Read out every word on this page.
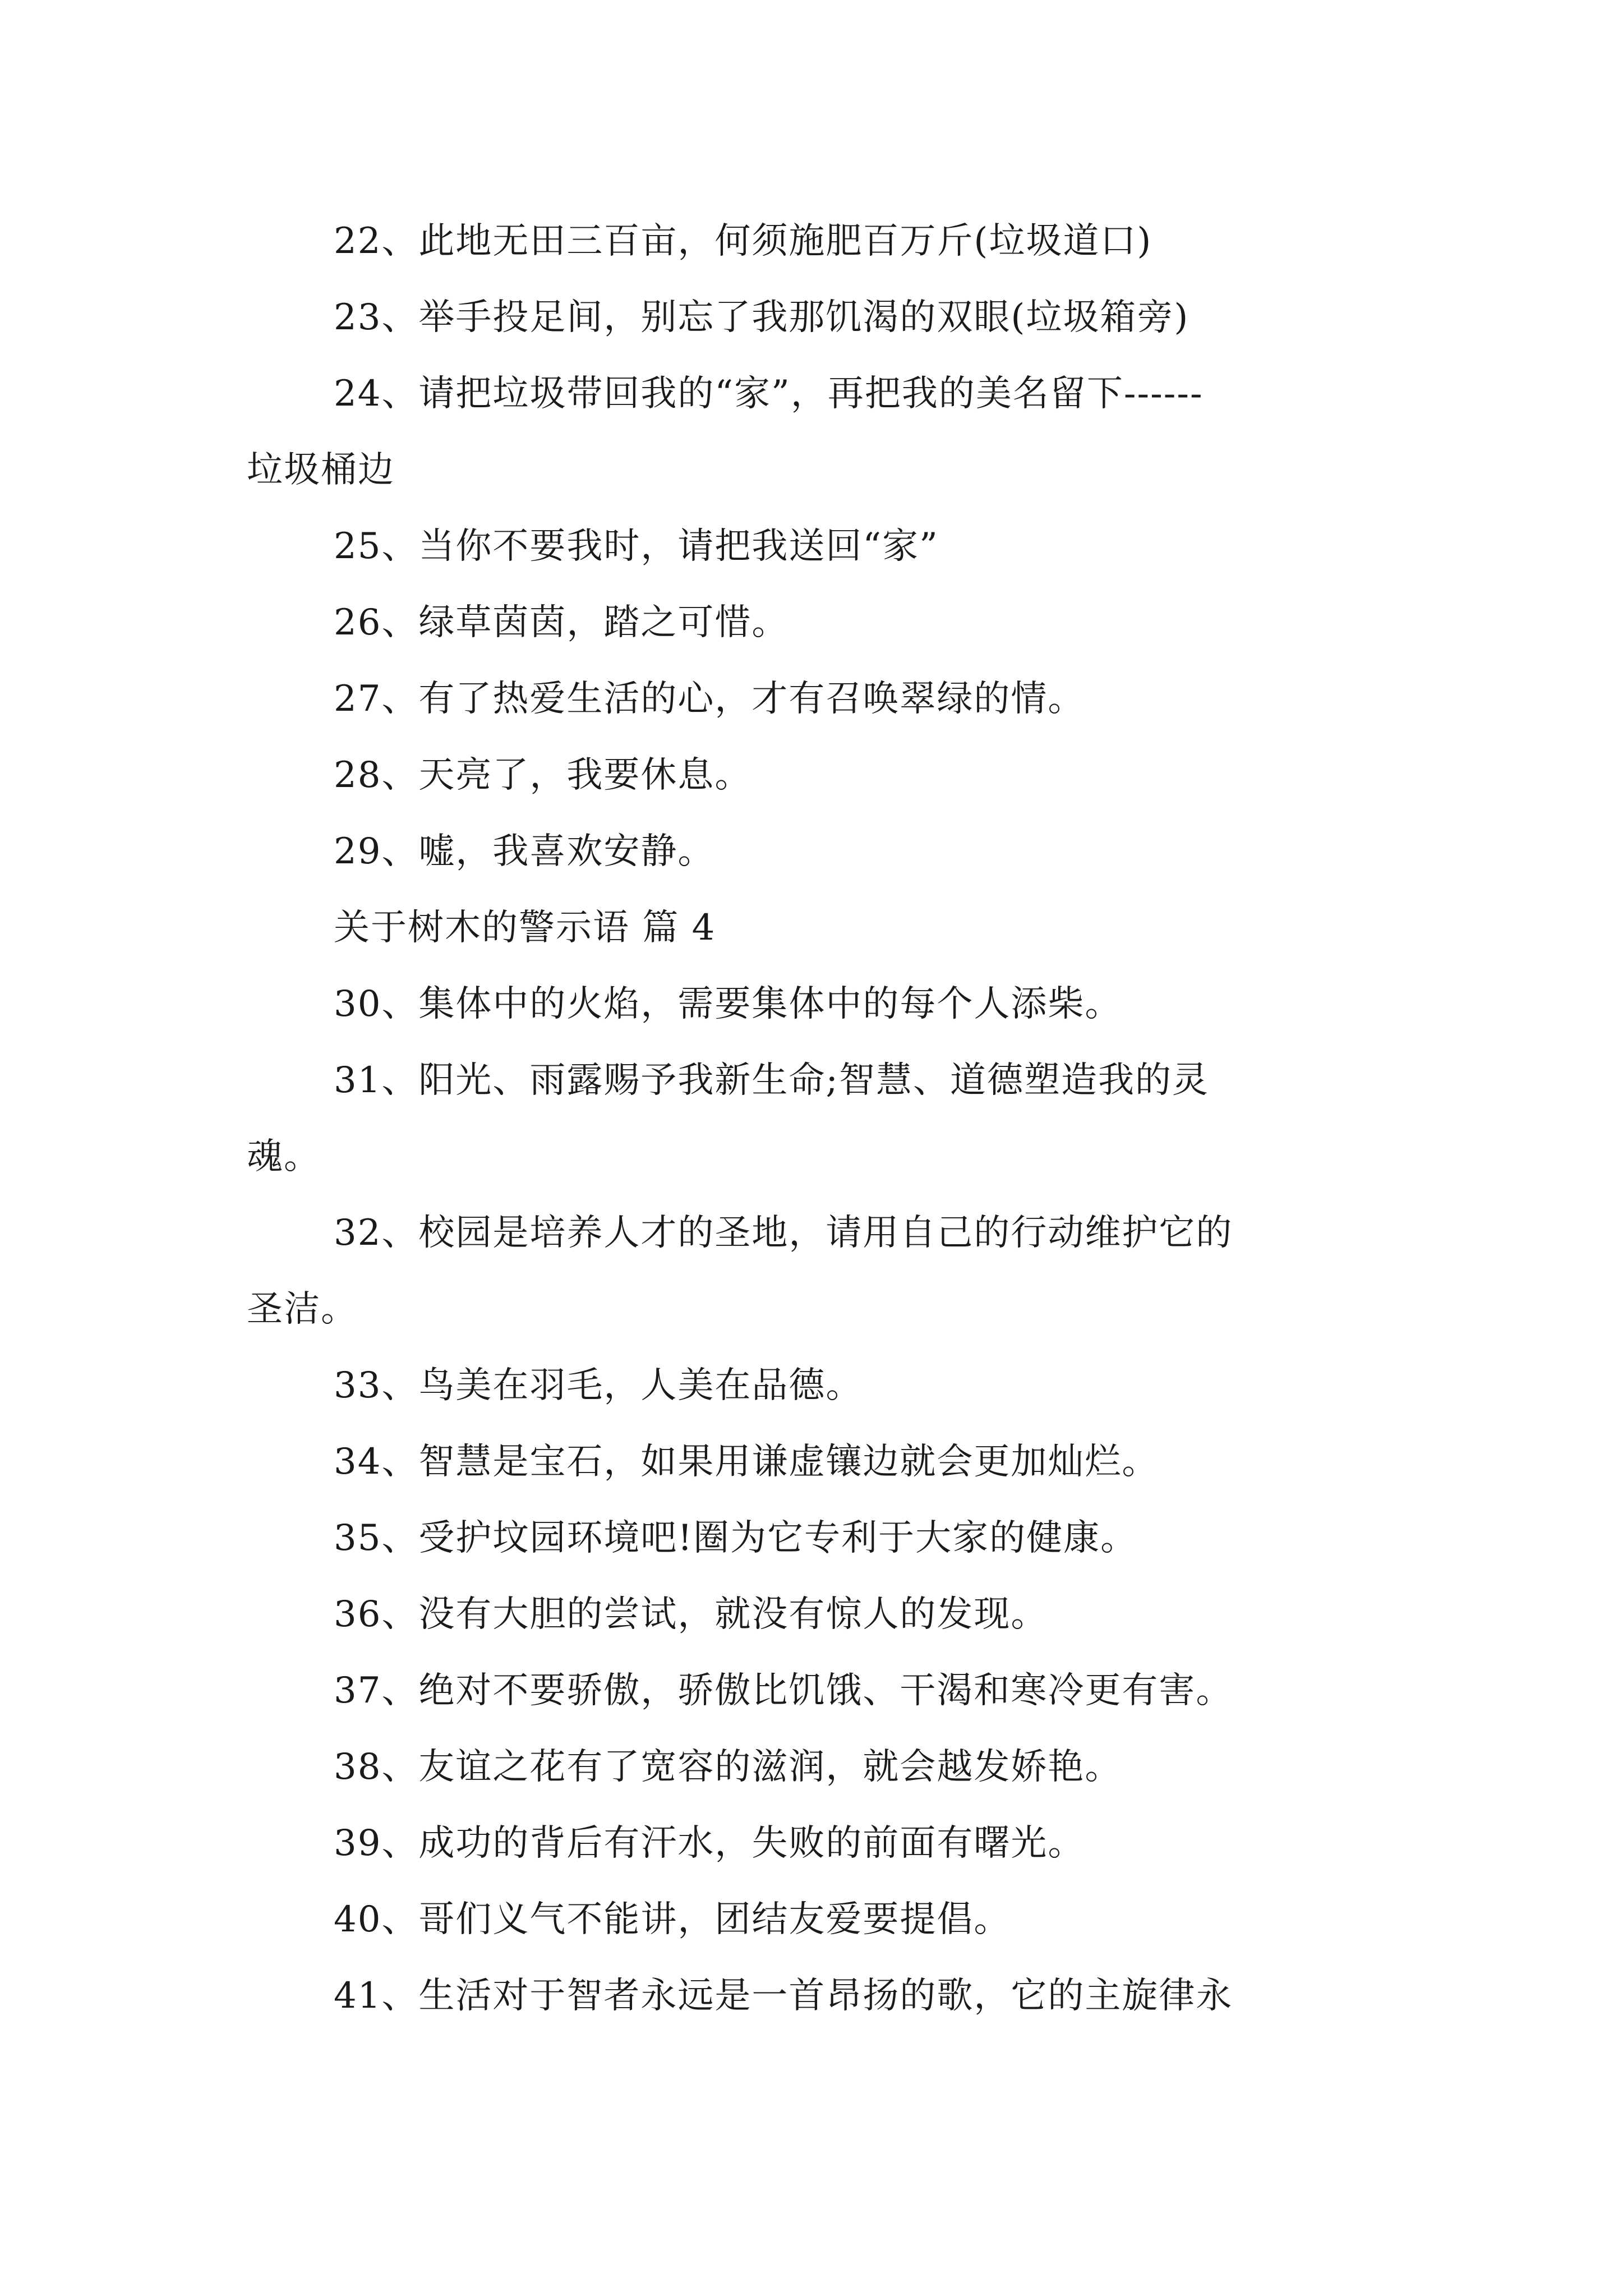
22、此地无田三百亩，何须施肥百万斤(垃圾道口)
23、举手投足间，别忘了我那饥渴的双眼(垃圾箱旁)
24、请把垃圾带回我的“家”，再把我的美名留下------
垃圾桶边
25、当你不要我时，请把我送回“家”
26、绿草茵茵，踏之可惜。
27、有了热爱生活的心，才有召唤翠绿的情。
28、天亮了，我要休息。
29、嘘，我喜欢安静。
关于树木的警示语 篇 4
30、集体中的火焰，需要集体中的每个人添柴。
31、阳光、雨露赐予我新生命;智慧、道德塑造我的灵
魂。
32、校园是培养人才的圣地，请用自己的行动维护它的
圣洁。
33、鸟美在羽毛，人美在品德。
34、智慧是宝石，如果用谦虚镶边就会更加灿烂。
35、受护坟园环境吧!圈为它专利于大家的健康。
36、没有大胆的尝试，就没有惊人的发现。
37、绝对不要骄傲，骄傲比饥饿、干渴和寒冷更有害。
38、友谊之花有了宽容的滋润，就会越发娇艳。
39、成功的背后有汗水，失败的前面有曙光。
40、哥们义气不能讲，团结友爱要提倡。
41、生活对于智者永远是一首昂扬的歌，它的主旋律永
